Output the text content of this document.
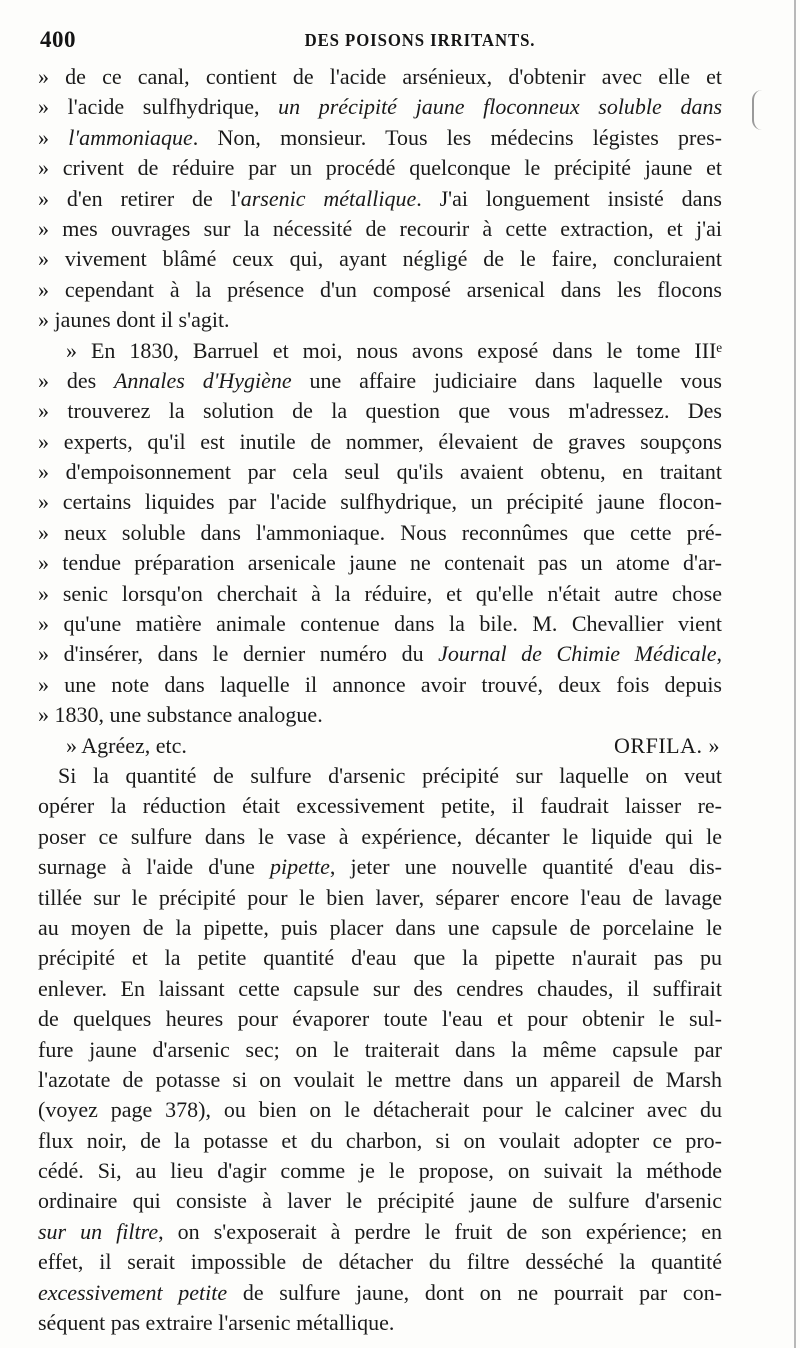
400	DES POISONS IRRITANTS.
» de ce canal, contient de l'acide arsénieux, d'obtenir avec elle et
» l'acide sulfhydrique, un précipité jaune floconneux soluble dans
» l'ammoniaque. Non, monsieur. Tous les médecins légistes pres-
» crivent de réduire par un procédé quelconque le précipité jaune et
» d'en retirer de l'arsenic métallique. J'ai longuement insisté dans
» mes ouvrages sur la nécessité de recourir à cette extraction, et j'ai
» vivement blâmé ceux qui, ayant négligé de le faire, concluraient
» cependant à la présence d'un composé arsenical dans les flocons
» jaunes dont il s'agit.
» En 1830, Barruel et moi, nous avons exposé dans le tome IIIᵉ
» des Annales d'Hygiène une affaire judiciaire dans laquelle vous
» trouverez la solution de la question que vous m'adressez. Des
» experts, qu'il est inutile de nommer, élevaient de graves soupçons
» d'empoisonnement par cela seul qu'ils avaient obtenu, en traitant
» certains liquides par l'acide sulfhydrique, un précipité jaune flocon-
» neux soluble dans l'ammoniaque. Nous reconnûmes que cette pré-
» tendue préparation arsenicale jaune ne contenait pas un atome d'ar-
» senic lorsqu'on cherchait à la réduire, et qu'elle n'était autre chose
» qu'une matière animale contenue dans la bile. M. Chevallier vient
» d'insérer, dans le dernier numéro du Journal de Chimie Médicale,
» une note dans laquelle il annonce avoir trouvé, deux fois depuis
» 1830, une substance analogue.
» Agréez, etc.	ORFILA. »
Si la quantité de sulfure d'arsenic précipité sur laquelle on veut
opérer la réduction était excessivement petite, il faudrait laisser re-
poser ce sulfure dans le vase à expérience, décanter le liquide qui le
surnage à l'aide d'une pipette, jeter une nouvelle quantité d'eau dis-
tillée sur le précipité pour le bien laver, séparer encore l'eau de lavage
au moyen de la pipette, puis placer dans une capsule de porcelaine le
précipité et la petite quantité d'eau que la pipette n'aurait pas pu
enlever. En laissant cette capsule sur des cendres chaudes, il suffirait
de quelques heures pour évaporer toute l'eau et pour obtenir le sul-
fure jaune d'arsenic sec; on le traiterait dans la même capsule par
l'azotate de potasse si on voulait le mettre dans un appareil de Marsh
(voyez page 378), ou bien on le détacherait pour le calciner avec du
flux noir, de la potasse et du charbon, si on voulait adopter ce pro-
cédé. Si, au lieu d'agir comme je le propose, on suivait la méthode
ordinaire qui consiste à laver le précipité jaune de sulfure d'arsenic
sur un filtre, on s'exposerait à perdre le fruit de son expérience; en
effet, il serait impossible de détacher du filtre desséché la quantité
excessivement petite de sulfure jaune, dont on ne pourrait par con-
séquent pas extraire l'arsenic métallique.
